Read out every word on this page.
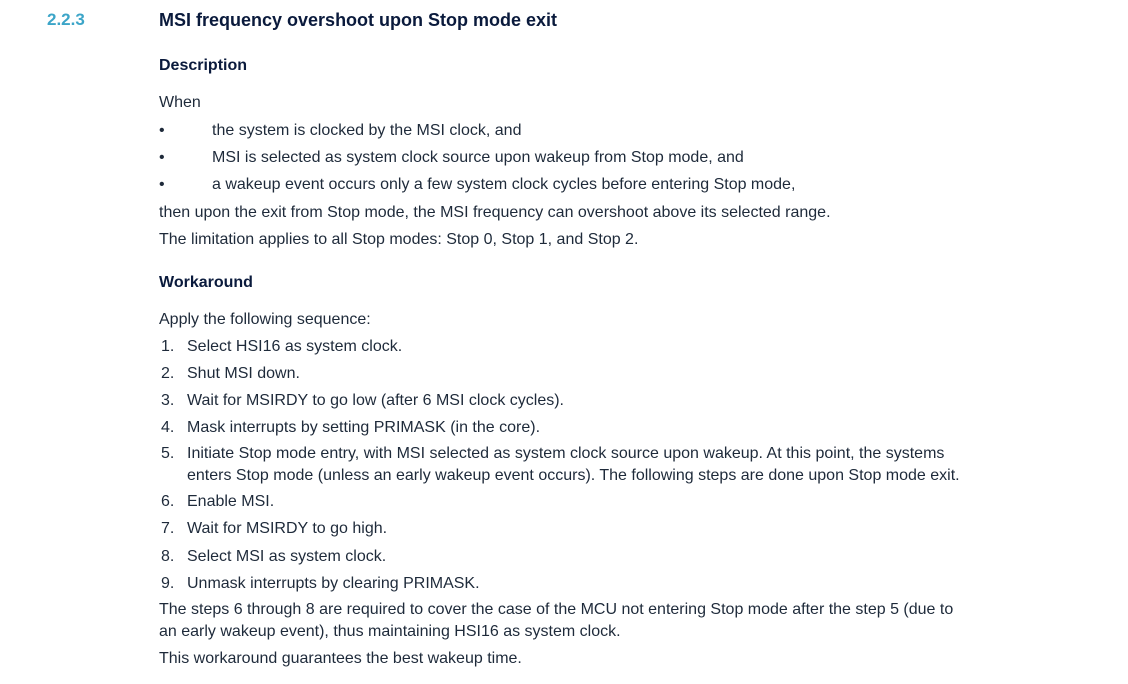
2.2.3	MSI frequency overshoot upon Stop mode exit
Description
When
•	the system is clocked by the MSI clock, and
•	MSI is selected as system clock source upon wakeup from Stop mode, and
•	a wakeup event occurs only a few system clock cycles before entering Stop mode,
then upon the exit from Stop mode, the MSI frequency can overshoot above its selected range.
The limitation applies to all Stop modes: Stop 0, Stop 1, and Stop 2.
Workaround
Apply the following sequence:
1. Select HSI16 as system clock.
2. Shut MSI down.
3. Wait for MSIRDY to go low (after 6 MSI clock cycles).
4. Mask interrupts by setting PRIMASK (in the core).
5. Initiate Stop mode entry, with MSI selected as system clock source upon wakeup. At this point, the systems
enters Stop mode (unless an early wakeup event occurs). The following steps are done upon Stop mode exit.
6. Enable MSI.
7. Wait for MSIRDY to go high.
8. Select MSI as system clock.
9. Unmask interrupts by clearing PRIMASK.
The steps 6 through 8 are required to cover the case of the MCU not entering Stop mode after the step 5 (due to
an early wakeup event), thus maintaining HSI16 as system clock.
This workaround guarantees the best wakeup time.
